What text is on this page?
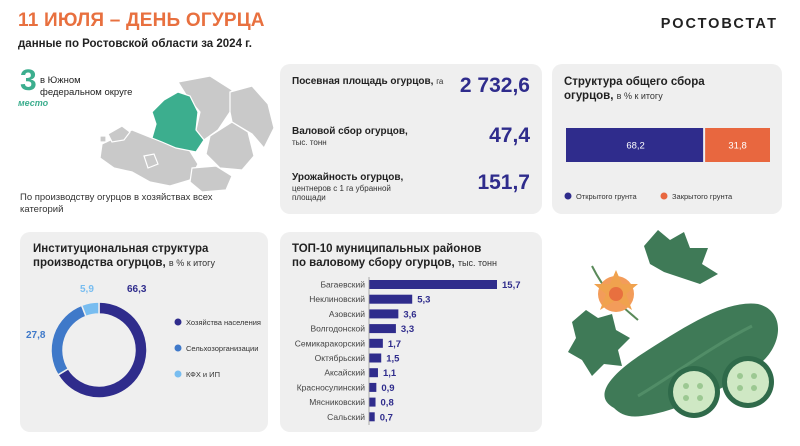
11 ИЮЛЯ – ДЕНЬ ОГУРЦА
данные по Ростовской области за 2024 г.
РОСТОВСТАТ
3 в Южном
федеральном округе
место
По производству огурцов в хозяйствах всех категорий
Посевная площадь огурцов, га 2 732,6
Валовой сбор огурцов,
тыс. тонн	47,4
Урожайность огурцов,
центнеров с 1 га убранной площади
151,7
Структура общего сбора
огурцов, в % к итогу
68,2	31,8
Открытого грунта	Закрытого грунта
Институциональная структура
производства огурцов, в % к итогу
66,3
27,8
5,9
Хозяйства населения
Сельхозорганизации
КФХ и ИП
ТОП-10 муниципальных районов
по валовому сбору огурцов, тыс. тонн
Багаевский	15,7
Неклиновский	5,3
Азовский	3,6
Волгодонской	3,3
Семикаракорский 1,7
Октябрьский 1,5
Аксайский 1,1
Красносулинский 0,9
Мясниковский 0,8
Сальский 0,7
